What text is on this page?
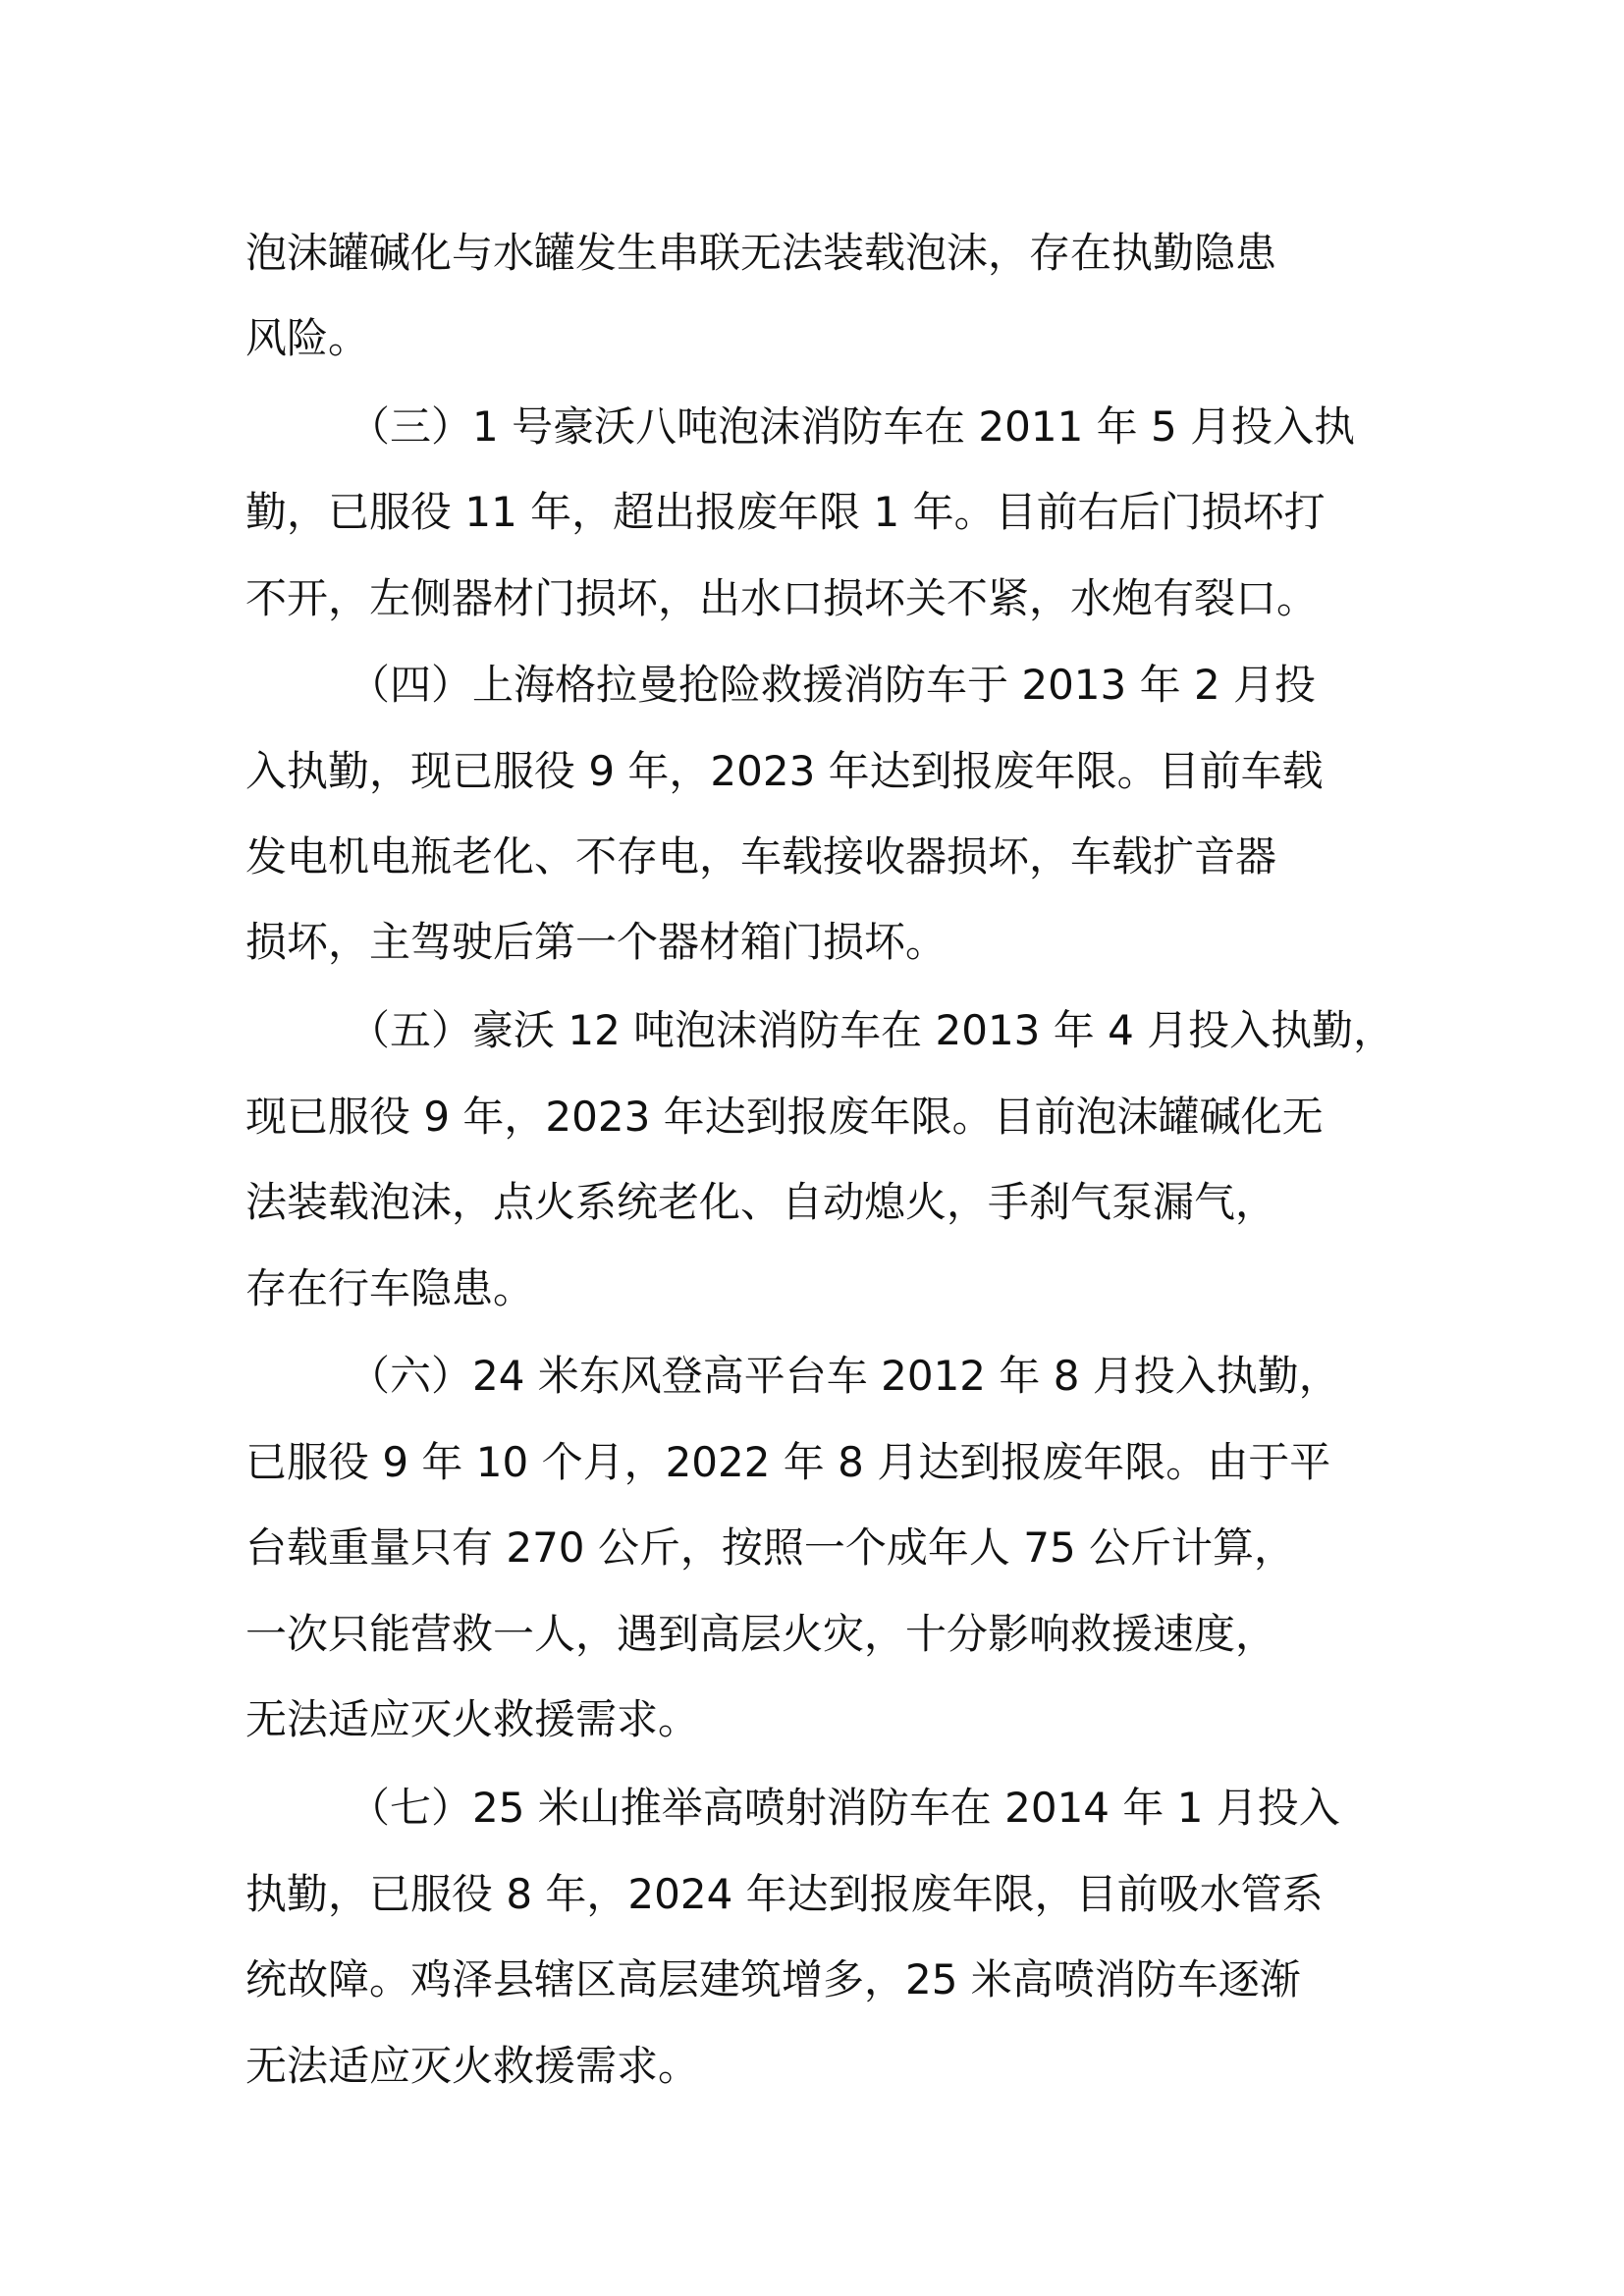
泡沫罐碱化与水罐发生串联无法装载泡沫，存在执勤隐患
风险。
（三）1 号豪沃八吨泡沫消防车在 2011 年 5 月投入执
勤，已服役 11 年，超出报废年限 1 年。目前右后门损坏打
不开，左侧器材门损坏，出水口损坏关不紧，水炮有裂口。
（四）上海格拉曼抢险救援消防车于 2013 年 2 月投
入执勤，现已服役 9 年，2023 年达到报废年限。目前车载
发电机电瓶老化、不存电，车载接收器损坏，车载扩音器
损坏，主驾驶后第一个器材箱门损坏。
（五）豪沃 12 吨泡沫消防车在 2013 年 4 月投入执勤，
现已服役 9 年，2023 年达到报废年限。目前泡沫罐碱化无
法装载泡沫，点火系统老化、自动熄火，手刹气泵漏气，
存在行车隐患。
（六）24 米东风登高平台车 2012 年 8 月投入执勤，
已服役 9 年 10 个月，2022 年 8 月达到报废年限。由于平
台载重量只有 270 公斤，按照一个成年人 75 公斤计算，
一次只能营救一人，遇到高层火灾，十分影响救援速度，
无法适应灭火救援需求。
（七）25 米山推举高喷射消防车在 2014 年 1 月投入
执勤，已服役 8 年，2024 年达到报废年限，目前吸水管系
统故障。鸡泽县辖区高层建筑增多，25 米高喷消防车逐渐
无法适应灭火救援需求。
